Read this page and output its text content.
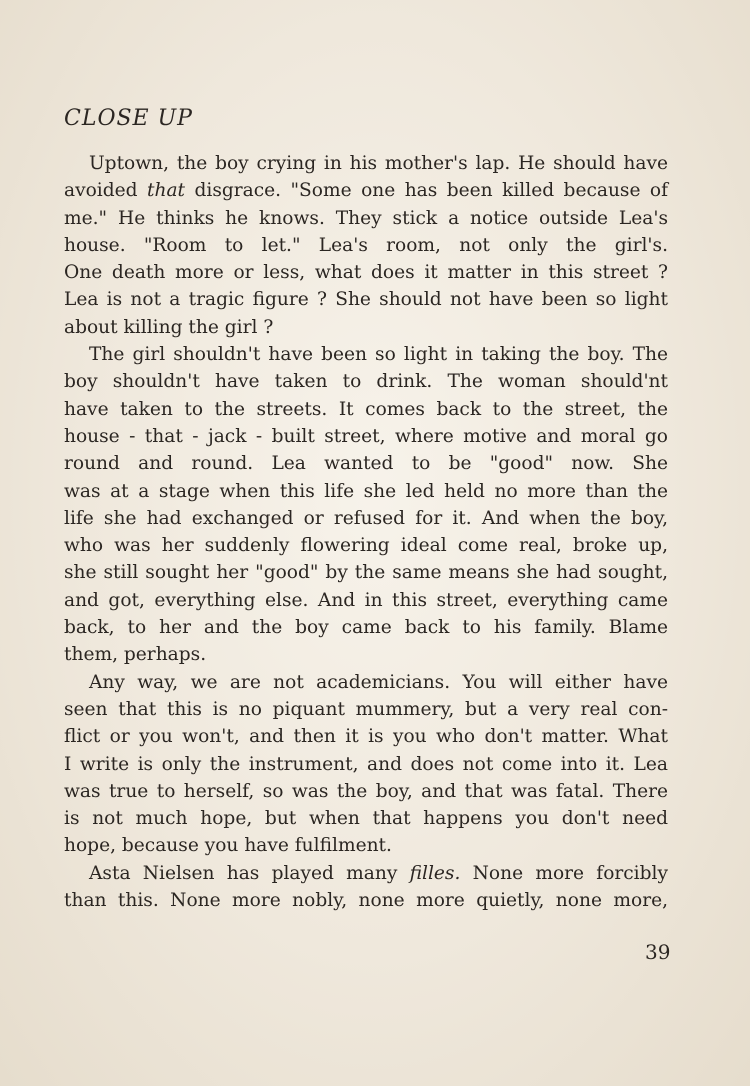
CLOSE UP

Uptown, the boy crying in his mother's lap. He should have
avoided that disgrace. "Some one has been killed because of
me." He thinks he knows. They stick a notice outside Lea's
house. "Room to let." Lea's room, not only the girl's.
One death more or less, what does it matter in this street ?
Lea is not a tragic figure ? She should not have been so light
about killing the girl ?

The girl shouldn't have been so light in taking the boy. The
boy shouldn't have taken to drink. The woman should'nt
have taken to the streets. It comes back to the street, the
house - that - jack - built street, where motive and moral go
round and round. Lea wanted to be "good" now. She
was at a stage when this life she led held no more than the
life she had exchanged or refused for it. And when the boy,
who was her suddenly flowering ideal come real, broke up,
she still sought her "good" by the same means she had sought,
and got, everything else. And in this street, everything came
back, to her and the boy came back to his family. Blame
them, perhaps.

Any way, we are not academicians. You will either have
seen that this is no piquant mummery, but a very real con-
flict or you won't, and then it is you who don't matter. What
I write is only the instrument, and does not come into it. Lea
was true to herself, so was the boy, and that was fatal. There
is not much hope, but when that happens you don't need
hope, because you have fulfilment.

Asta Nielsen has played many filles. None more forcibly
than this. None more nobly, none more quietly, none more,

39
